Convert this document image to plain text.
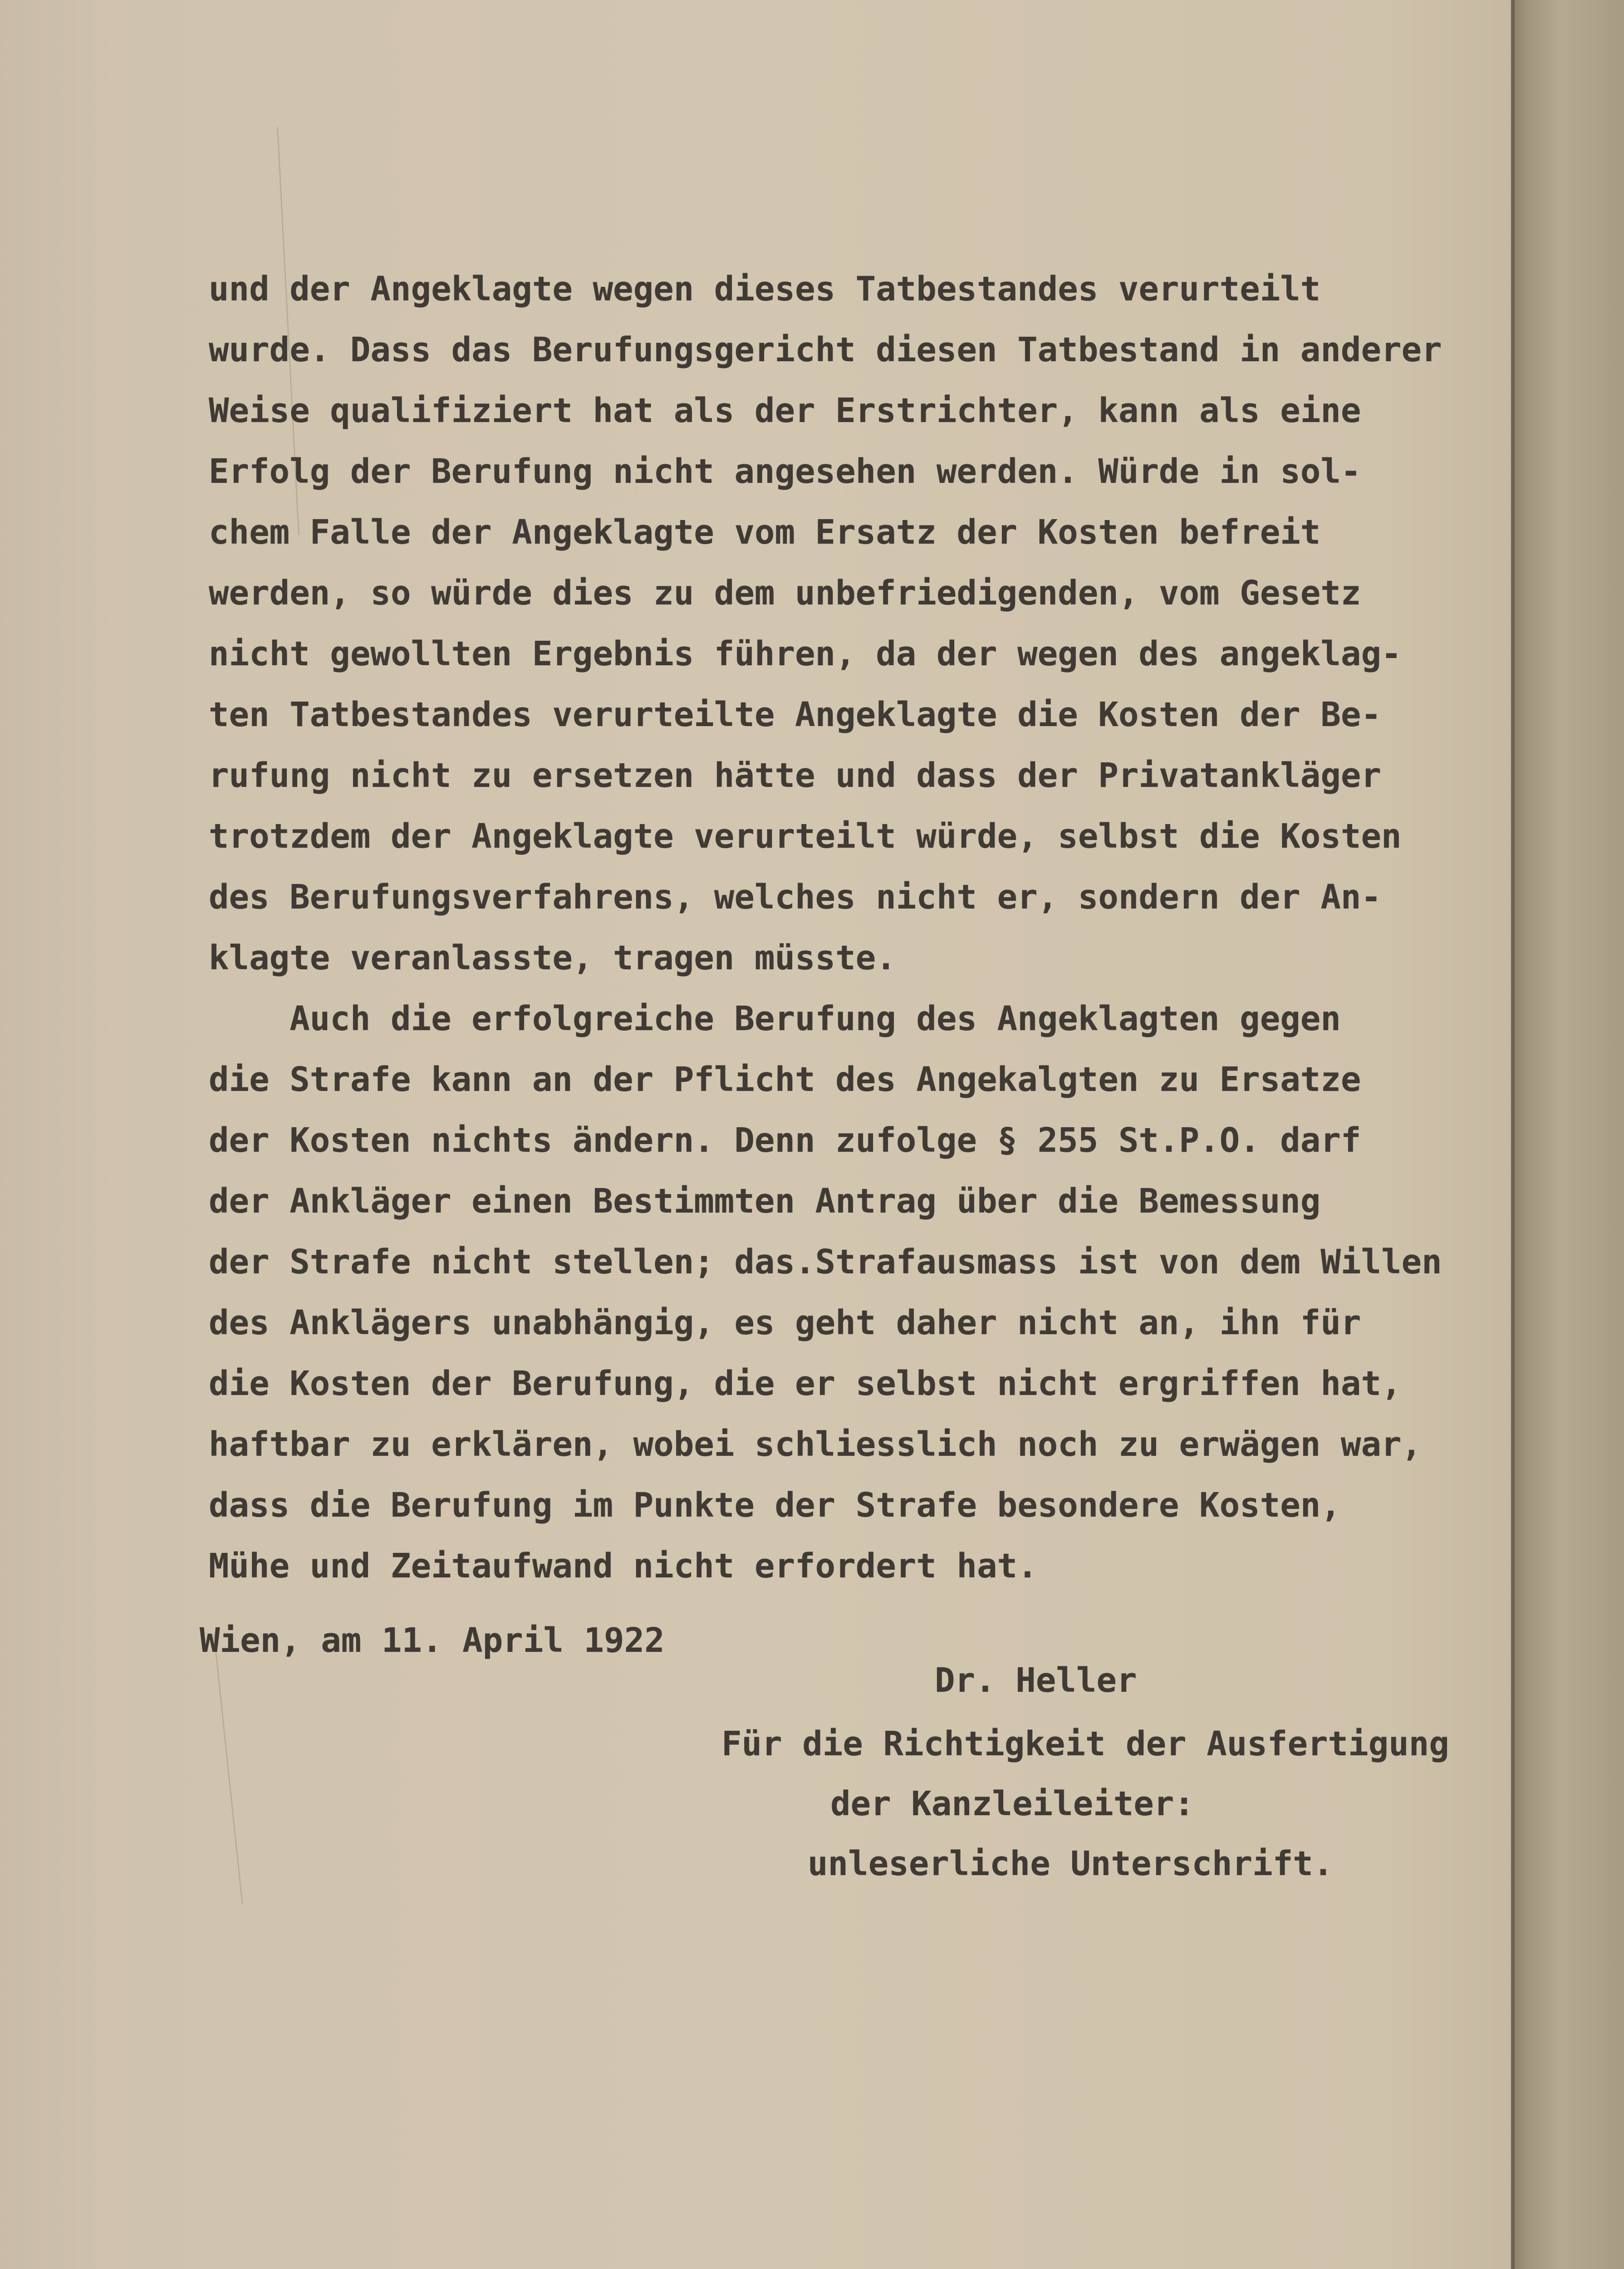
und der Angeklagte wegen dieses Tatbestandes verurteilt
wurde. Dass das Berufungsgericht diesen Tatbestand in anderer
Weise qualifiziert hat als der Erstrichter, kann als eine
Erfolg der Berufung nicht angesehen werden. Würde in sol-
chem Falle der Angeklagte vom Ersatz der Kosten befreit
werden, so würde dies zu dem unbefriedigenden, vom Gesetz
nicht gewollten Ergebnis führen, da der wegen des angeklag-
ten Tatbestandes verurteilte Angeklagte die Kosten der Be-
rufung nicht zu ersetzen hätte und dass der Privatankläger
trotzdem der Angeklagte verurteilt würde, selbst die Kosten
des Berufungsverfahrens, welches nicht er, sondern der An-
klagte veranlasste, tragen müsste.
Auch die erfolgreiche Berufung des Angeklagten gegen
die Strafe kann an der Pflicht des Angekalgten zu Ersatze
der Kosten nichts ändern. Denn zufolge § 255 St.P.O. darf
der Ankläger einen Bestimmten Antrag über die Bemessung
der Strafe nicht stellen; das.Strafausmass ist von dem Willen
des Anklägers unabhängig, es geht daher nicht an, ihn für
die Kosten der Berufung, die er selbst nicht ergriffen hat,
haftbar zu erklären, wobei schliesslich noch zu erwägen war,
dass die Berufung im Punkte der Strafe besondere Kosten,
Mühe und Zeitaufwand nicht erfordert hat.
Wien, am 11. April 1922
Dr. Heller
Für die Richtigkeit der Ausfertigung
der Kanzleileiter:
unleserliche Unterschrift.
